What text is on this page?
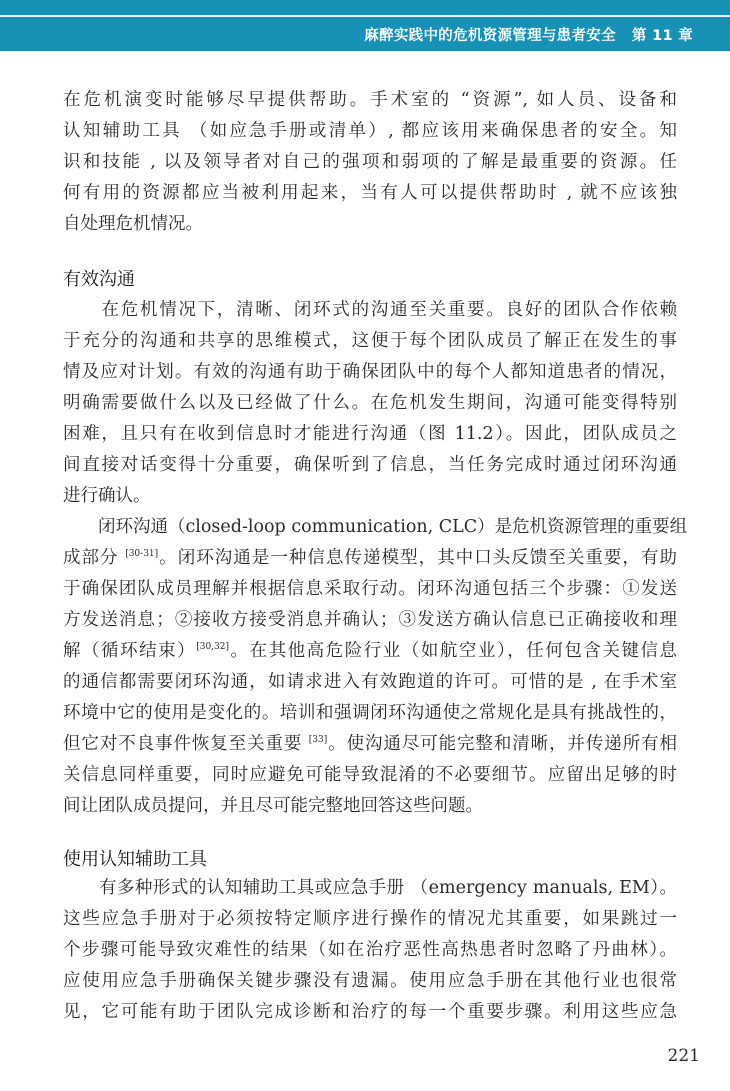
麻醉实践中的危机资源管理与患者安全   第 11 章
在危机演变时能够尽早提供帮助。手术室的 “资源”, 如人员、设备和
认知辅助工具 （如应急手册或清单）, 都应该用来确保患者的安全。知
识和技能 , 以及领导者对自己的强项和弱项的了解是最重要的资源。任
何有用的资源都应当被利用起来，当有人可以提供帮助时 , 就不应该独
自处理危机情况。
有效沟通
　　在危机情况下，清晰、闭环式的沟通至关重要。良好的团队合作依赖
于充分的沟通和共享的思维模式，这便于每个团队成员了解正在发生的事
情及应对计划。有效的沟通有助于确保团队中的每个人都知道患者的情况，
明确需要做什么以及已经做了什么。在危机发生期间，沟通可能变得特别
困难，且只有在收到信息时才能进行沟通（图 11.2）。因此，团队成员之
间直接对话变得十分重要，确保听到了信息，当任务完成时通过闭环沟通
进行确认。
　　闭环沟通（closed-loop communication, CLC）是危机资源管理的重要组
成部分 [30-31]。闭环沟通是一种信息传递模型，其中口头反馈至关重要，有助
于确保团队成员理解并根据信息采取行动。闭环沟通包括三个步骤：①发送
方发送消息；②接收方接受消息并确认；③发送方确认信息已正确接收和理
解（循环结束）[30,32]。在其他高危险行业（如航空业），任何包含关键信息
的通信都需要闭环沟通，如请求进入有效跑道的许可。可惜的是 , 在手术室
环境中它的使用是变化的。培训和强调闭环沟通使之常规化是具有挑战性的，
但它对不良事件恢复至关重要 [33]。使沟通尽可能完整和清晰，并传递所有相
关信息同样重要，同时应避免可能导致混淆的不必要细节。应留出足够的时
间让团队成员提问，并且尽可能完整地回答这些问题。
使用认知辅助工具
　　有多种形式的认知辅助工具或应急手册 （emergency manuals, EM）。
这些应急手册对于必须按特定顺序进行操作的情况尤其重要，如果跳过一
个步骤可能导致灾难性的结果（如在治疗恶性高热患者时忽略了丹曲林）。
应使用应急手册确保关键步骤没有遗漏。使用应急手册在其他行业也很常
见，它可能有助于团队完成诊断和治疗的每一个重要步骤。利用这些应急
221
